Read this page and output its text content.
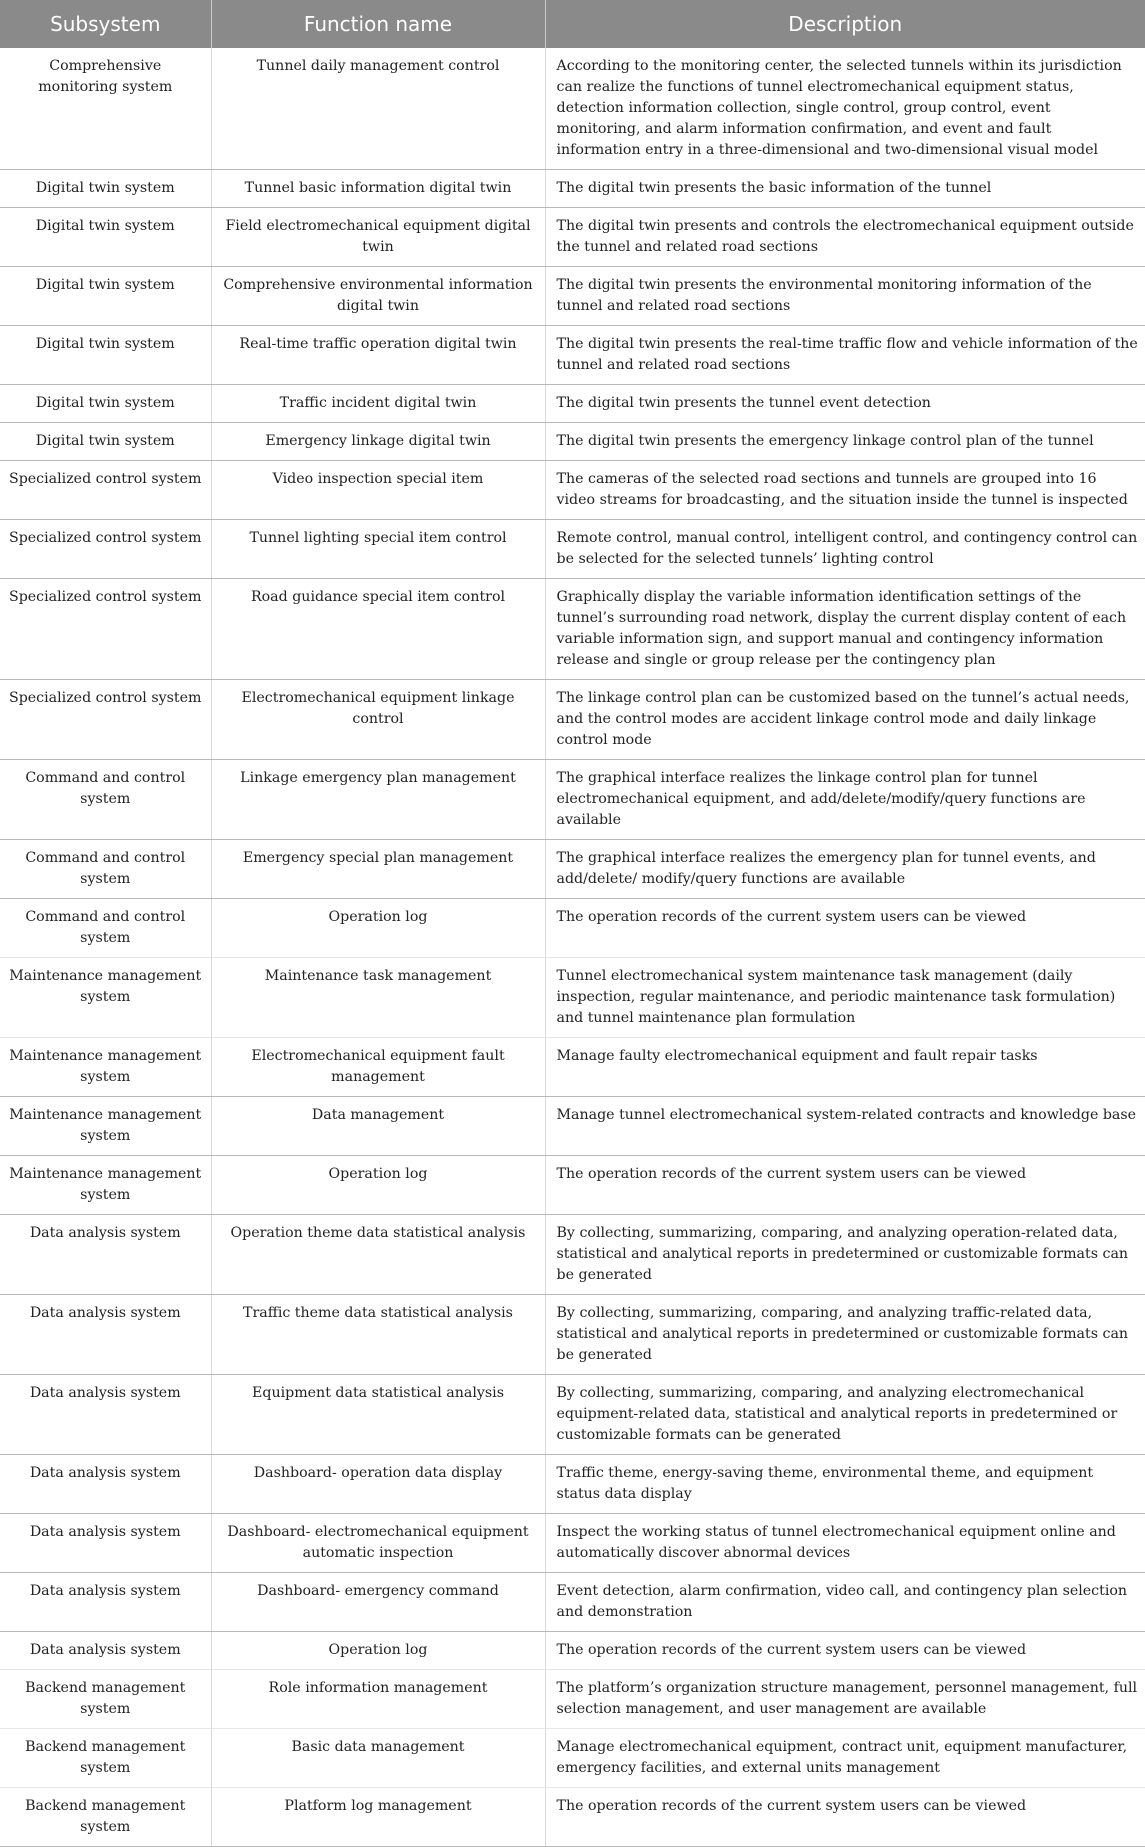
Subsystem	Function name	Description
Comprehensive monitoring system	Tunnel daily management control	According to the monitoring center, the selected tunnels within its jurisdiction can realize the functions of tunnel electromechanical equipment status, detection information collection, single control, group control, event monitoring, and alarm information confirmation, and event and fault information entry in a three-dimensional and two-dimensional visual model
Digital twin system	Tunnel basic information digital twin	The digital twin presents the basic information of the tunnel
Digital twin system	Field electromechanical equipment digital twin	The digital twin presents and controls the electromechanical equipment outside the tunnel and related road sections
Digital twin system	Comprehensive environmental information digital twin	The digital twin presents the environmental monitoring information of the tunnel and related road sections
Digital twin system	Real-time traffic operation digital twin	The digital twin presents the real-time traffic flow and vehicle information of the tunnel and related road sections
Digital twin system	Traffic incident digital twin	The digital twin presents the tunnel event detection
Digital twin system	Emergency linkage digital twin	The digital twin presents the emergency linkage control plan of the tunnel
Specialized control system	Video inspection special item	The cameras of the selected road sections and tunnels are grouped into 16 video streams for broadcasting, and the situation inside the tunnel is inspected
Specialized control system	Tunnel lighting special item control	Remote control, manual control, intelligent control, and contingency control can be selected for the selected tunnels’ lighting control
Specialized control system	Road guidance special item control	Graphically display the variable information identification settings of the tunnel’s surrounding road network, display the current display content of each variable information sign, and support manual and contingency information release and single or group release per the contingency plan
Specialized control system	Electromechanical equipment linkage control	The linkage control plan can be customized based on the tunnel’s actual needs, and the control modes are accident linkage control mode and daily linkage control mode
Command and control system	Linkage emergency plan management	The graphical interface realizes the linkage control plan for tunnel electromechanical equipment, and add/delete/modify/query functions are available
Command and control system	Emergency special plan management	The graphical interface realizes the emergency plan for tunnel events, and add/delete/ modify/query functions are available
Command and control system	Operation log	The operation records of the current system users can be viewed
Maintenance management system	Maintenance task management	Tunnel electromechanical system maintenance task management (daily inspection, regular maintenance, and periodic maintenance task formulation) and tunnel maintenance plan formulation
Maintenance management system	Electromechanical equipment fault management	Manage faulty electromechanical equipment and fault repair tasks
Maintenance management system	Data management	Manage tunnel electromechanical system-related contracts and knowledge base
Maintenance management system	Operation log	The operation records of the current system users can be viewed
Data analysis system	Operation theme data statistical analysis	By collecting, summarizing, comparing, and analyzing operation-related data, statistical and analytical reports in predetermined or customizable formats can be generated
Data analysis system	Traffic theme data statistical analysis	By collecting, summarizing, comparing, and analyzing traffic-related data, statistical and analytical reports in predetermined or customizable formats can be generated
Data analysis system	Equipment data statistical analysis	By collecting, summarizing, comparing, and analyzing electromechanical equipment-related data, statistical and analytical reports in predetermined or customizable formats can be generated
Data analysis system	Dashboard- operation data display	Traffic theme, energy-saving theme, environmental theme, and equipment status data display
Data analysis system	Dashboard- electromechanical equipment automatic inspection	Inspect the working status of tunnel electromechanical equipment online and automatically discover abnormal devices
Data analysis system	Dashboard- emergency command	Event detection, alarm confirmation, video call, and contingency plan selection and demonstration
Data analysis system	Operation log	The operation records of the current system users can be viewed
Backend management system	Role information management	The platform’s organization structure management, personnel management, full selection management, and user management are available
Backend management system	Basic data management	Manage electromechanical equipment, contract unit, equipment manufacturer, emergency facilities, and external units management
Backend management system	Platform log management	The operation records of the current system users can be viewed
